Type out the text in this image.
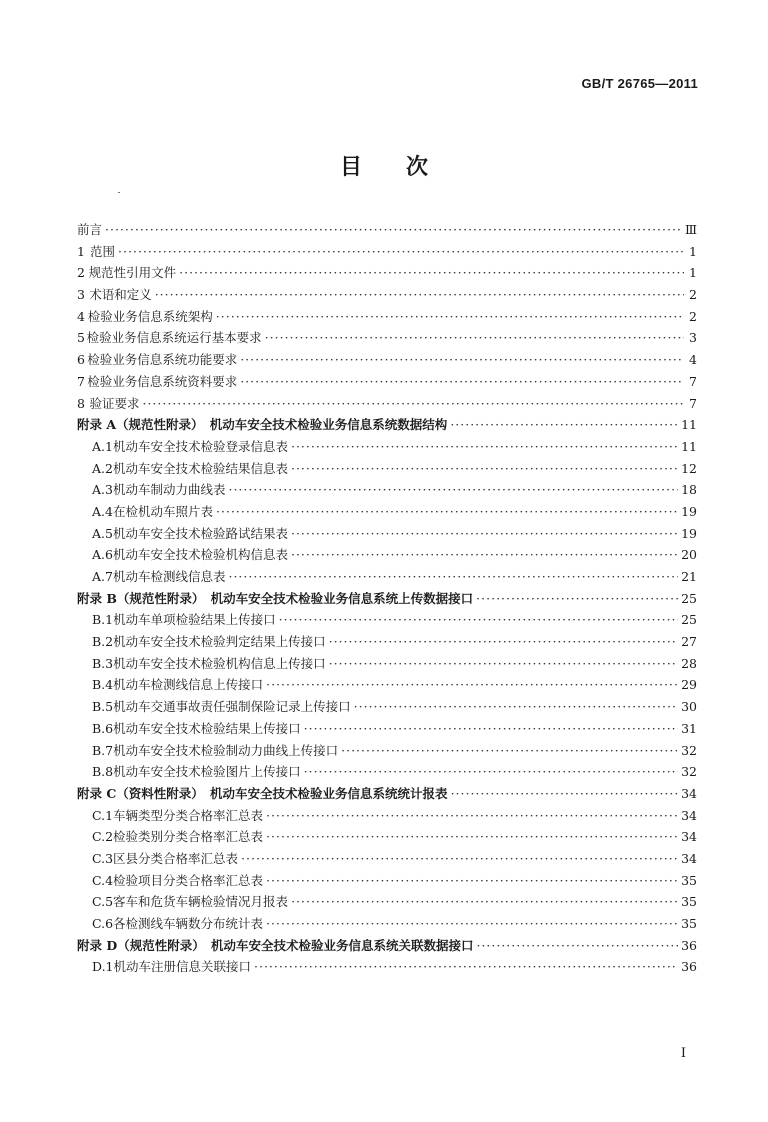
GB/T 26765—2011
目　　次
前言 ·····	Ⅲ
1 范围 ·····	1
2 规范性引用文件 ·····	1
3 术语和定义 ·····	2
4 检验业务信息系统架构 ·····	2
5 检验业务信息系统运行基本要求 ·····	3
6 检验业务信息系统功能要求 ·····	4
7 检验业务信息系统资料要求 ·····	7
8 验证要求 ·····	7
附录 A（规范性附录）　机动车安全技术检验业务信息系统数据结构 ·····	11
A.1 机动车安全技术检验登录信息表 ·····	11
A.2 机动车安全技术检验结果信息表 ·····	12
A.3 机动车制动力曲线表 ·····	18
A.4 在检机动车照片表 ·····	19
A.5 机动车安全技术检验路试结果表 ·····	19
A.6 机动车安全技术检验机构信息表 ·····	20
A.7 机动车检测线信息表 ·····	21
附录 B（规范性附录）　机动车安全技术检验业务信息系统上传数据接口 ·····	25
B.1 机动车单项检验结果上传接口 ·····	25
B.2 机动车安全技术检验判定结果上传接口 ·····	27
B.3 机动车安全技术检验机构信息上传接口 ·····	28
B.4 机动车检测线信息上传接口 ·····	29
B.5 机动车交通事故责任强制保险记录上传接口 ·····	30
B.6 机动车安全技术检验结果上传接口 ·····	31
B.7 机动车安全技术检验制动力曲线上传接口 ·····	32
B.8 机动车安全技术检验图片上传接口 ·····	32
附录 C（资料性附录）　机动车安全技术检验业务信息系统统计报表 ·····	34
C.1 车辆类型分类合格率汇总表 ·····	34
C.2 检验类别分类合格率汇总表 ·····	34
C.3 区县分类合格率汇总表 ·····	34
C.4 检验项目分类合格率汇总表 ·····	35
C.5 客车和危货车辆检验情况月报表 ·····	35
C.6 各检测线车辆数分布统计表 ·····	35
附录 D（规范性附录）　机动车安全技术检验业务信息系统关联数据接口 ·····	36
D.1 机动车注册信息关联接口 ·····	36
I
